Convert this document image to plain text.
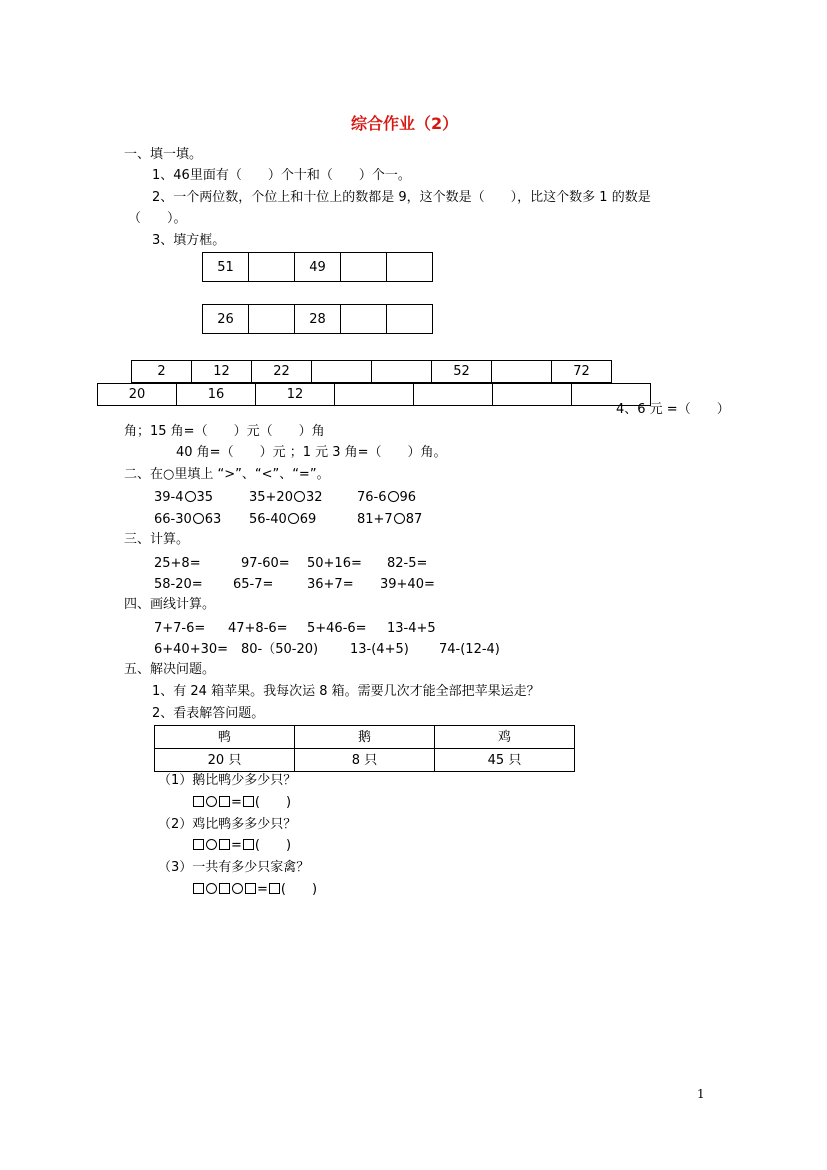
综合作业（2）
一、填一填。
1、46里面有（　　）个十和（　　）个一。
2、一个两位数，个位上和十位上的数都是 9，这个数是（　　），比这个数多 1 的数是
（　　）。
3、填方框。
51		49		
26		28		
2	12	22			52		72
20	16	12				
4、6 元 =（　　）
角；15 角=（　　）元（　　）角
40 角=（　　）元 ；1 元 3 角=（　　）角。
二、在○里填上 “>”、“<”、“=”。
39-4 35	35+20 32	76-6 96
66-30 63 56-40 69	81+7 87
三、计算。
25+8=	97-60= 50+16= 82-5=
58-20= 65-7=	36+7= 39+40=
四、画线计算。
7+7-6= 47+8-6= 5+46-6= 13-4+5
6+40+30= 80-（50-20) 13-(4+5) 74-(12-4)
五、解决问题。
1、有 24 箱苹果。我每次运 8 箱。需要几次才能全部把苹果运走？
2、看表解答问题。
鸭	鹅	鸡
20 只	8 只	45 只
（1）鹅比鸭少多少只？
= (　　)
（2）鸡比鸭多多少只？
= (　　)
（3）一共有多少只家禽？
= (　　)
1
